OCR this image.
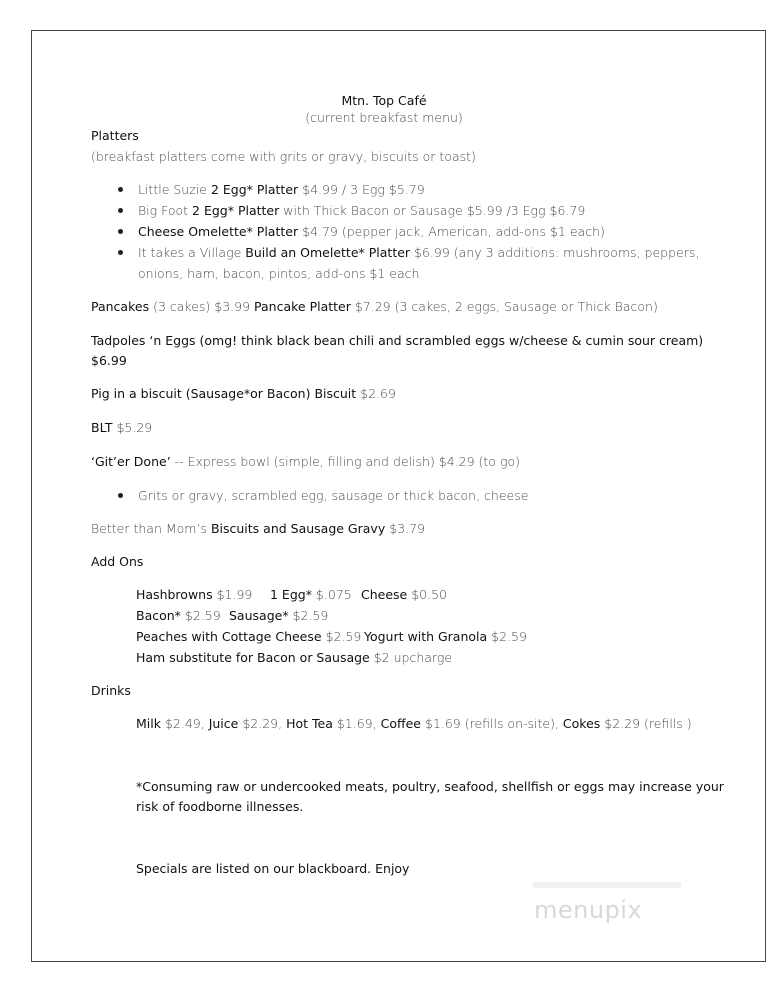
Mtn. Top Café
(current breakfast menu)
Platters
(breakfast platters come with grits or gravy, biscuits or toast)
Little Suzie 2 Egg* Platter $4.99 / 3 Egg $5.79
Big Foot 2 Egg* Platter with Thick Bacon or Sausage $5.99 /3 Egg $6.79
Cheese Omelette* Platter $4.79 (pepper jack, American, add-ons $1 each)
It takes a Village Build an Omelette* Platter $6.99 (any 3 additions: mushrooms, peppers,
onions, ham, bacon, pintos, add-ons $1 each
Pancakes (3 cakes) $3.99 Pancake Platter $7.29 (3 cakes, 2 eggs, Sausage or Thick Bacon)
Tadpoles ‘n Eggs (omg! think black bean chili and scrambled eggs w/cheese & cumin sour cream)
$6.99
Pig in a biscuit (Sausage*or Bacon) Biscuit $2.69
BLT $5.29
‘Git’er Done’ -- Express bowl (simple, filling and delish) $4.29 (to go)
Grits or gravy, scrambled egg, sausage or thick bacon, cheese
Better than Mom’s Biscuits and Sausage Gravy $3.79
Add Ons
Hashbrowns $1.99 1 Egg* $.075 Cheese $0.50
Bacon* $2.59 Sausage* $2.59
Peaches with Cottage Cheese $2.59 Yogurt with Granola $2.59
Ham substitute for Bacon or Sausage $2 upcharge
Drinks
Milk $2.49, Juice $2.29, Hot Tea $1.69, Coffee $1.69 (refills on-site), Cokes $2.29 (refills )
*Consuming raw or undercooked meats, poultry, seafood, shellfish or eggs may increase your
risk of foodborne illnesses.
Specials are listed on our blackboard. Enjoy
menupix
